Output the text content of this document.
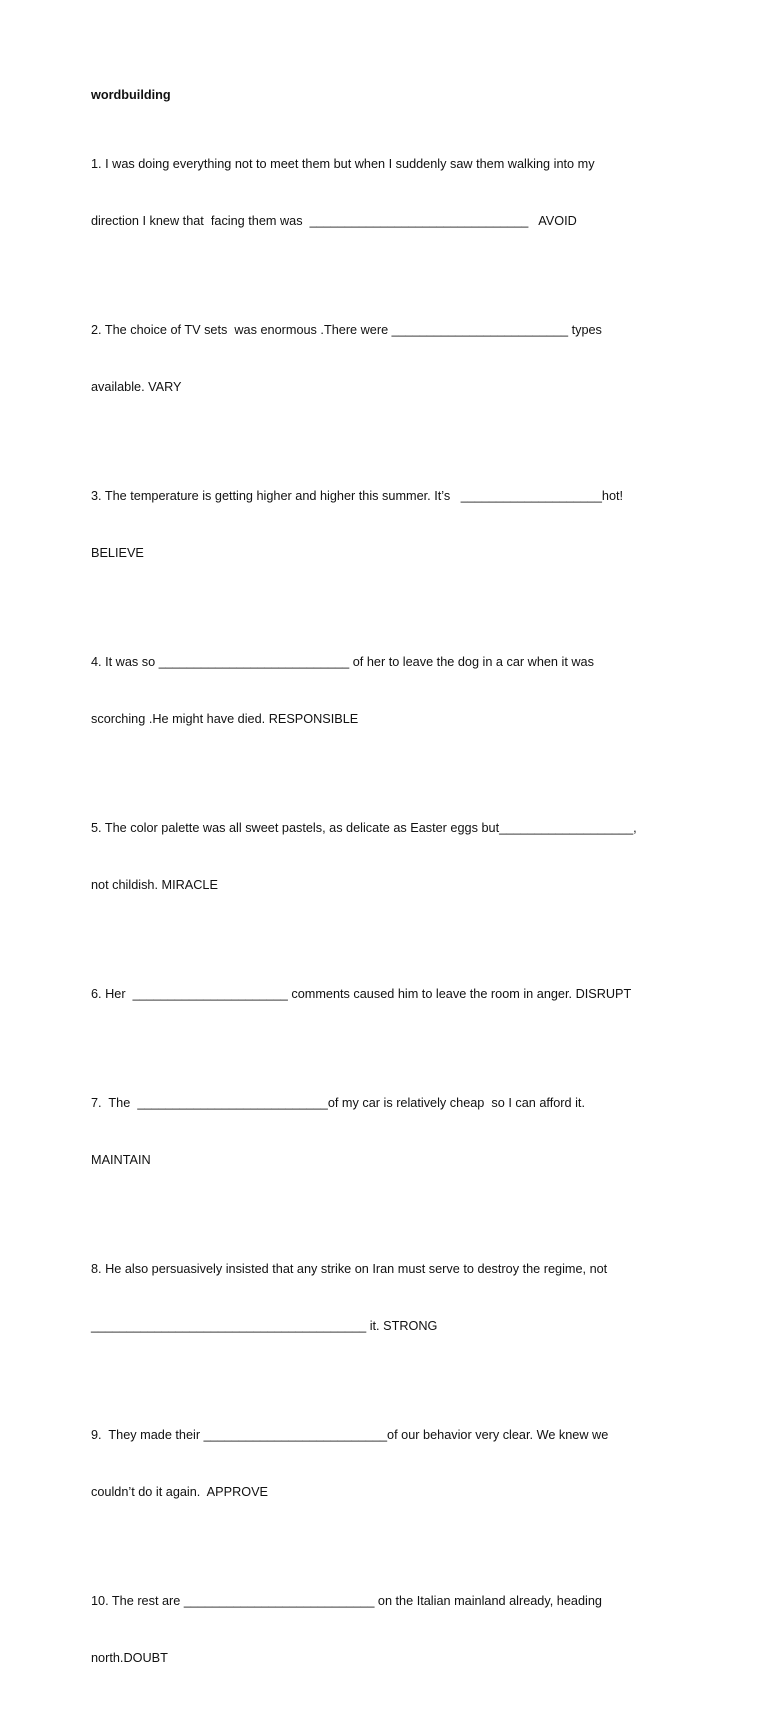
wordbuilding

1. I was doing everything not to meet them but when I suddenly saw them walking into my

direction I knew that  facing them was  _______________________________   AVOID

2. The choice of TV sets  was enormous .There were _________________________ types

available. VARY

3. The temperature is getting higher and higher this summer. It’s   ____________________hot!

BELIEVE

4. It was so ___________________________ of her to leave the dog in a car when it was

scorching .He might have died. RESPONSIBLE

5. The color palette was all sweet pastels, as delicate as Easter eggs but___________________,

not childish. MIRACLE

6. Her  ______________________ comments caused him to leave the room in anger. DISRUPT

7.  The  ___________________________of my car is relatively cheap  so I can afford it.

MAINTAIN

8. He also persuasively insisted that any strike on Iran must serve to destroy the regime, not

_______________________________________ it. STRONG

9.  They made their __________________________of our behavior very clear. We knew we

couldn’t do it again.  APPROVE

10. The rest are ___________________________ on the Italian mainland already, heading

north.DOUBT
